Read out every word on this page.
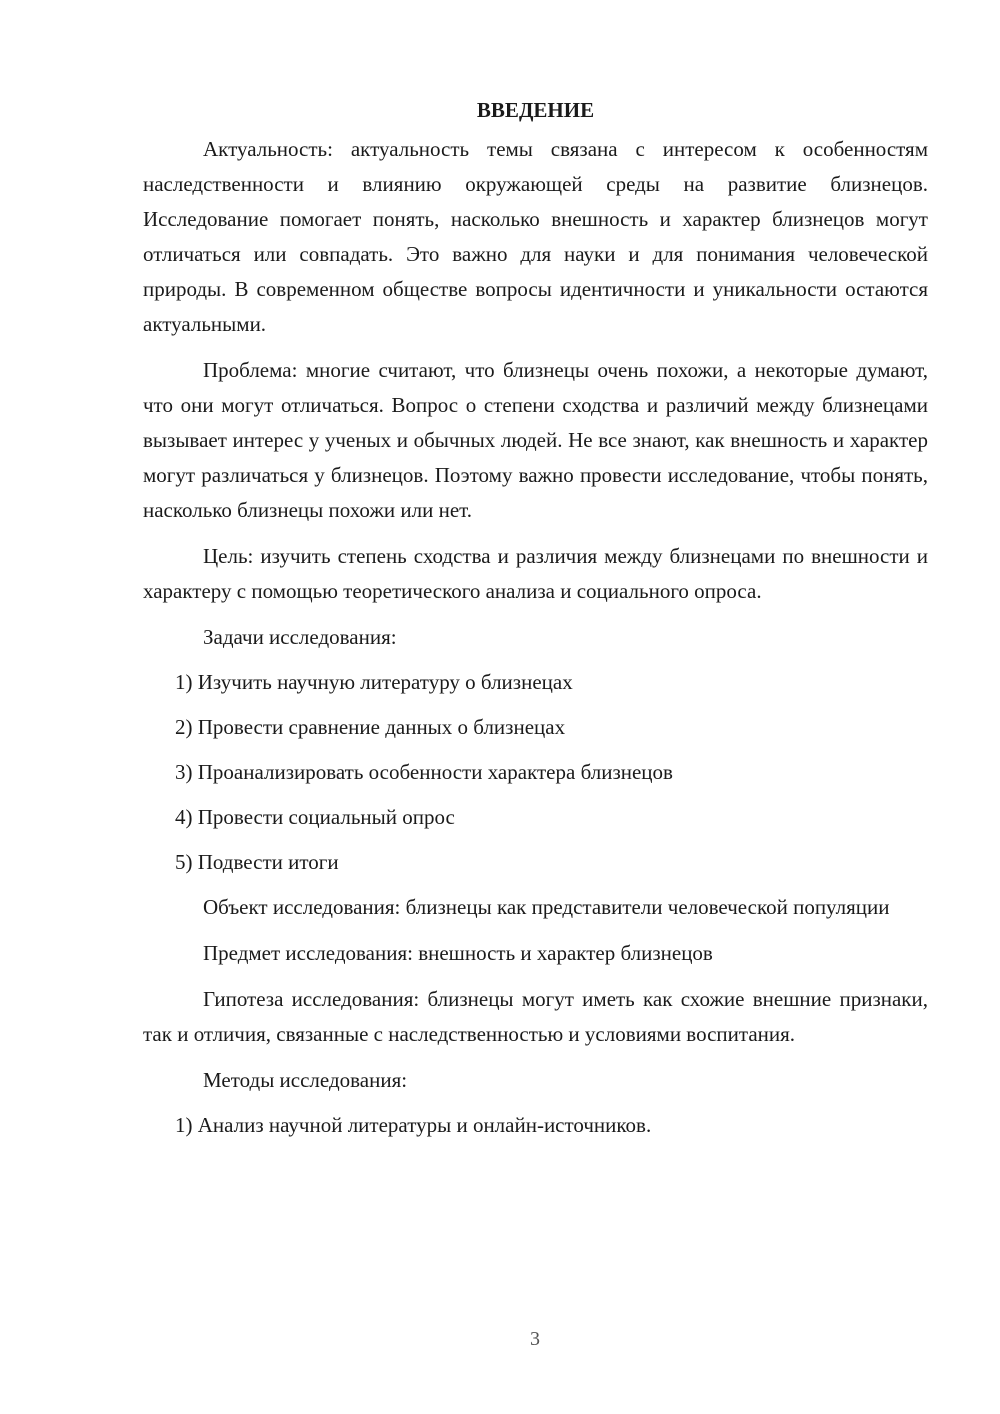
ВВЕДЕНИЕ

Актуальность: актуальность темы связана с интересом к особенностям наследственности и влиянию окружающей среды на развитие близнецов. Исследование помогает понять, насколько внешность и характер близнецов могут отличаться или совпадать. Это важно для науки и для понимания человеческой природы. В современном обществе вопросы идентичности и уникальности остаются актуальными.

Проблема: многие считают, что близнецы очень похожи, а некоторые думают, что они могут отличаться. Вопрос о степени сходства и различий между близнецами вызывает интерес у ученых и обычных людей. Не все знают, как внешность и характер могут различаться у близнецов. Поэтому важно провести исследование, чтобы понять, насколько близнецы похожи или нет.

Цель: изучить степень сходства и различия между близнецами по внешности и характеру с помощью теоретического анализа и социального опроса.

Задачи исследования:

1) Изучить научную литературу о близнецах
2) Провести сравнение данных о близнецах
3) Проанализировать особенности характера близнецов
4) Провести социальный опрос
5) Подвести итоги

Объект исследования: близнецы как представители человеческой популяции

Предмет исследования: внешность и характер близнецов

Гипотеза исследования: близнецы могут иметь как схожие внешние признаки, так и отличия, связанные с наследственностью и условиями воспитания.

Методы исследования:

1) Анализ научной литературы и онлайн-источников.
3
